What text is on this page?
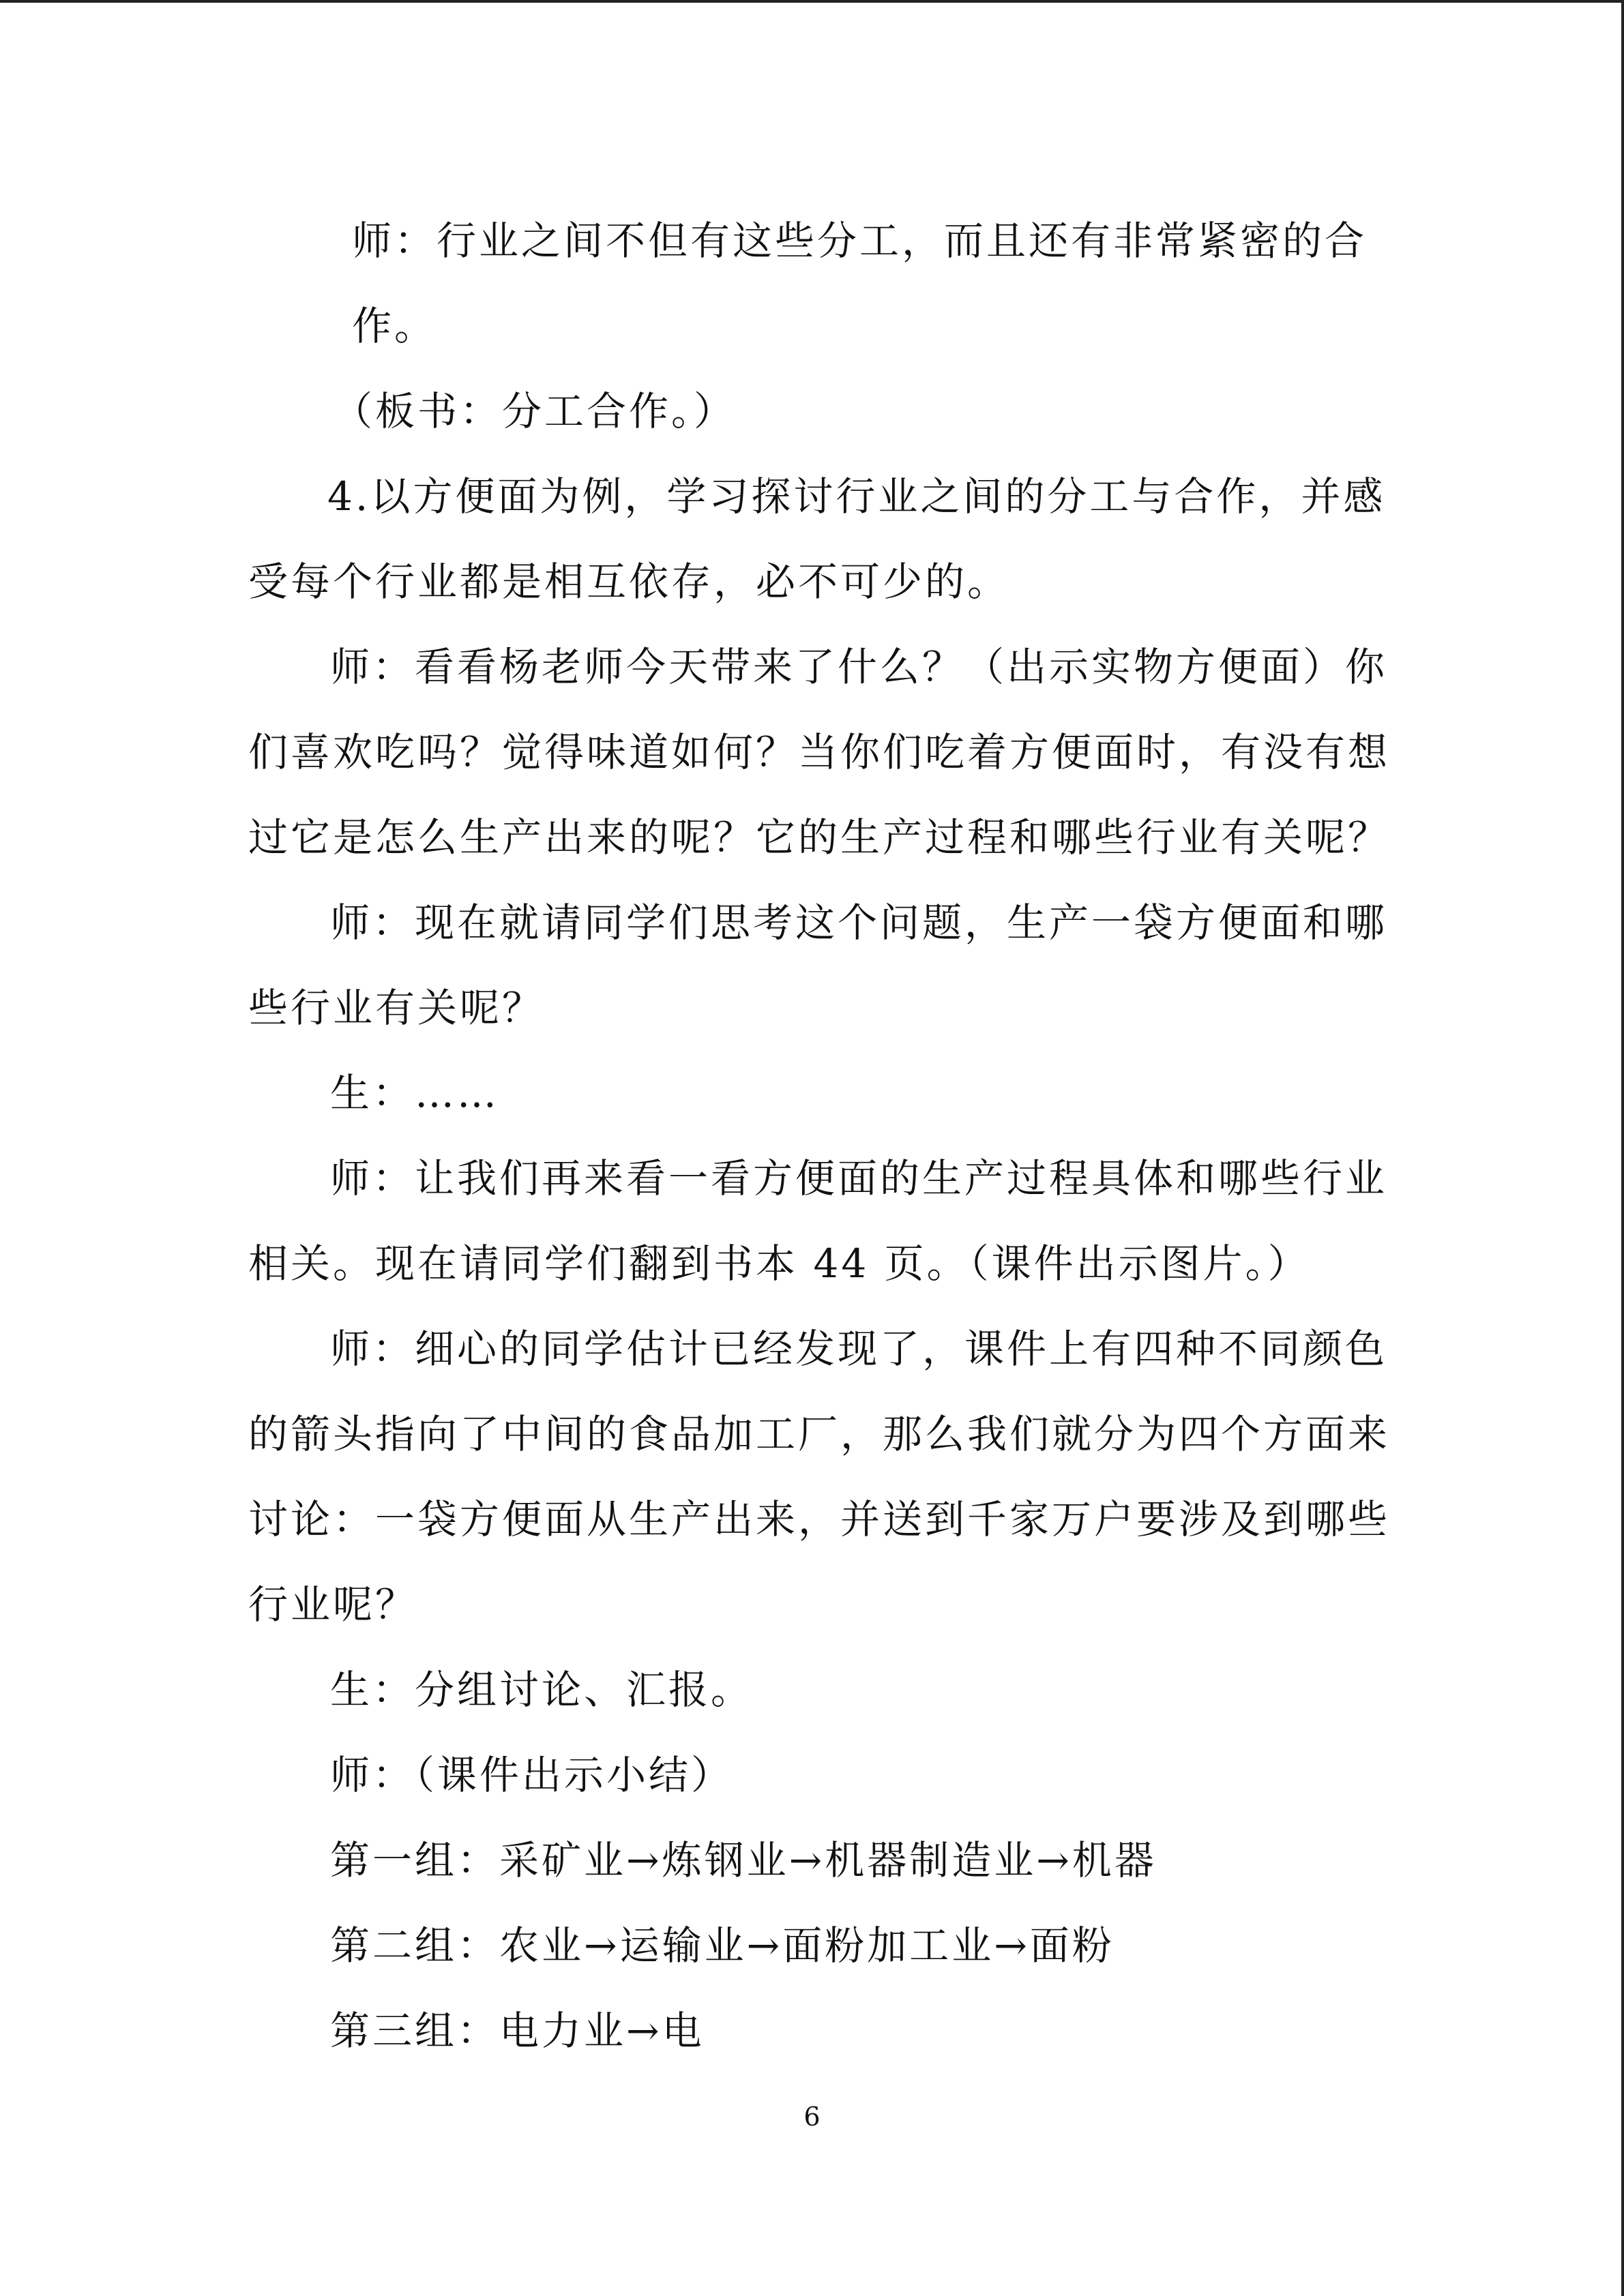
师：行业之间不但有这些分工，而且还有非常紧密的合
作。
（板书：分工合作。）
4.以方便面为例，学习探讨行业之间的分工与合作，并感
受每个行业都是相互依存，必不可少的。
师：看看杨老师今天带来了什么？（出示实物方便面）你
们喜欢吃吗？觉得味道如何？当你们吃着方便面时，有没有想
过它是怎么生产出来的呢？它的生产过程和哪些行业有关呢？
师：现在就请同学们思考这个问题，生产一袋方便面和哪
些行业有关呢？
生：……
师：让我们再来看一看方便面的生产过程具体和哪些行业
相关。现在请同学们翻到书本 44 页。（课件出示图片。）
师：细心的同学估计已经发现了，课件上有四种不同颜色
的箭头指向了中间的食品加工厂，那么我们就分为四个方面来
讨论：一袋方便面从生产出来，并送到千家万户要涉及到哪些
行业呢？
生：分组讨论、汇报。
师：（课件出示小结）
第一组：采矿业→炼钢业→机器制造业→机器
第二组：农业→运输业→面粉加工业→面粉
第三组：电力业→电
6
